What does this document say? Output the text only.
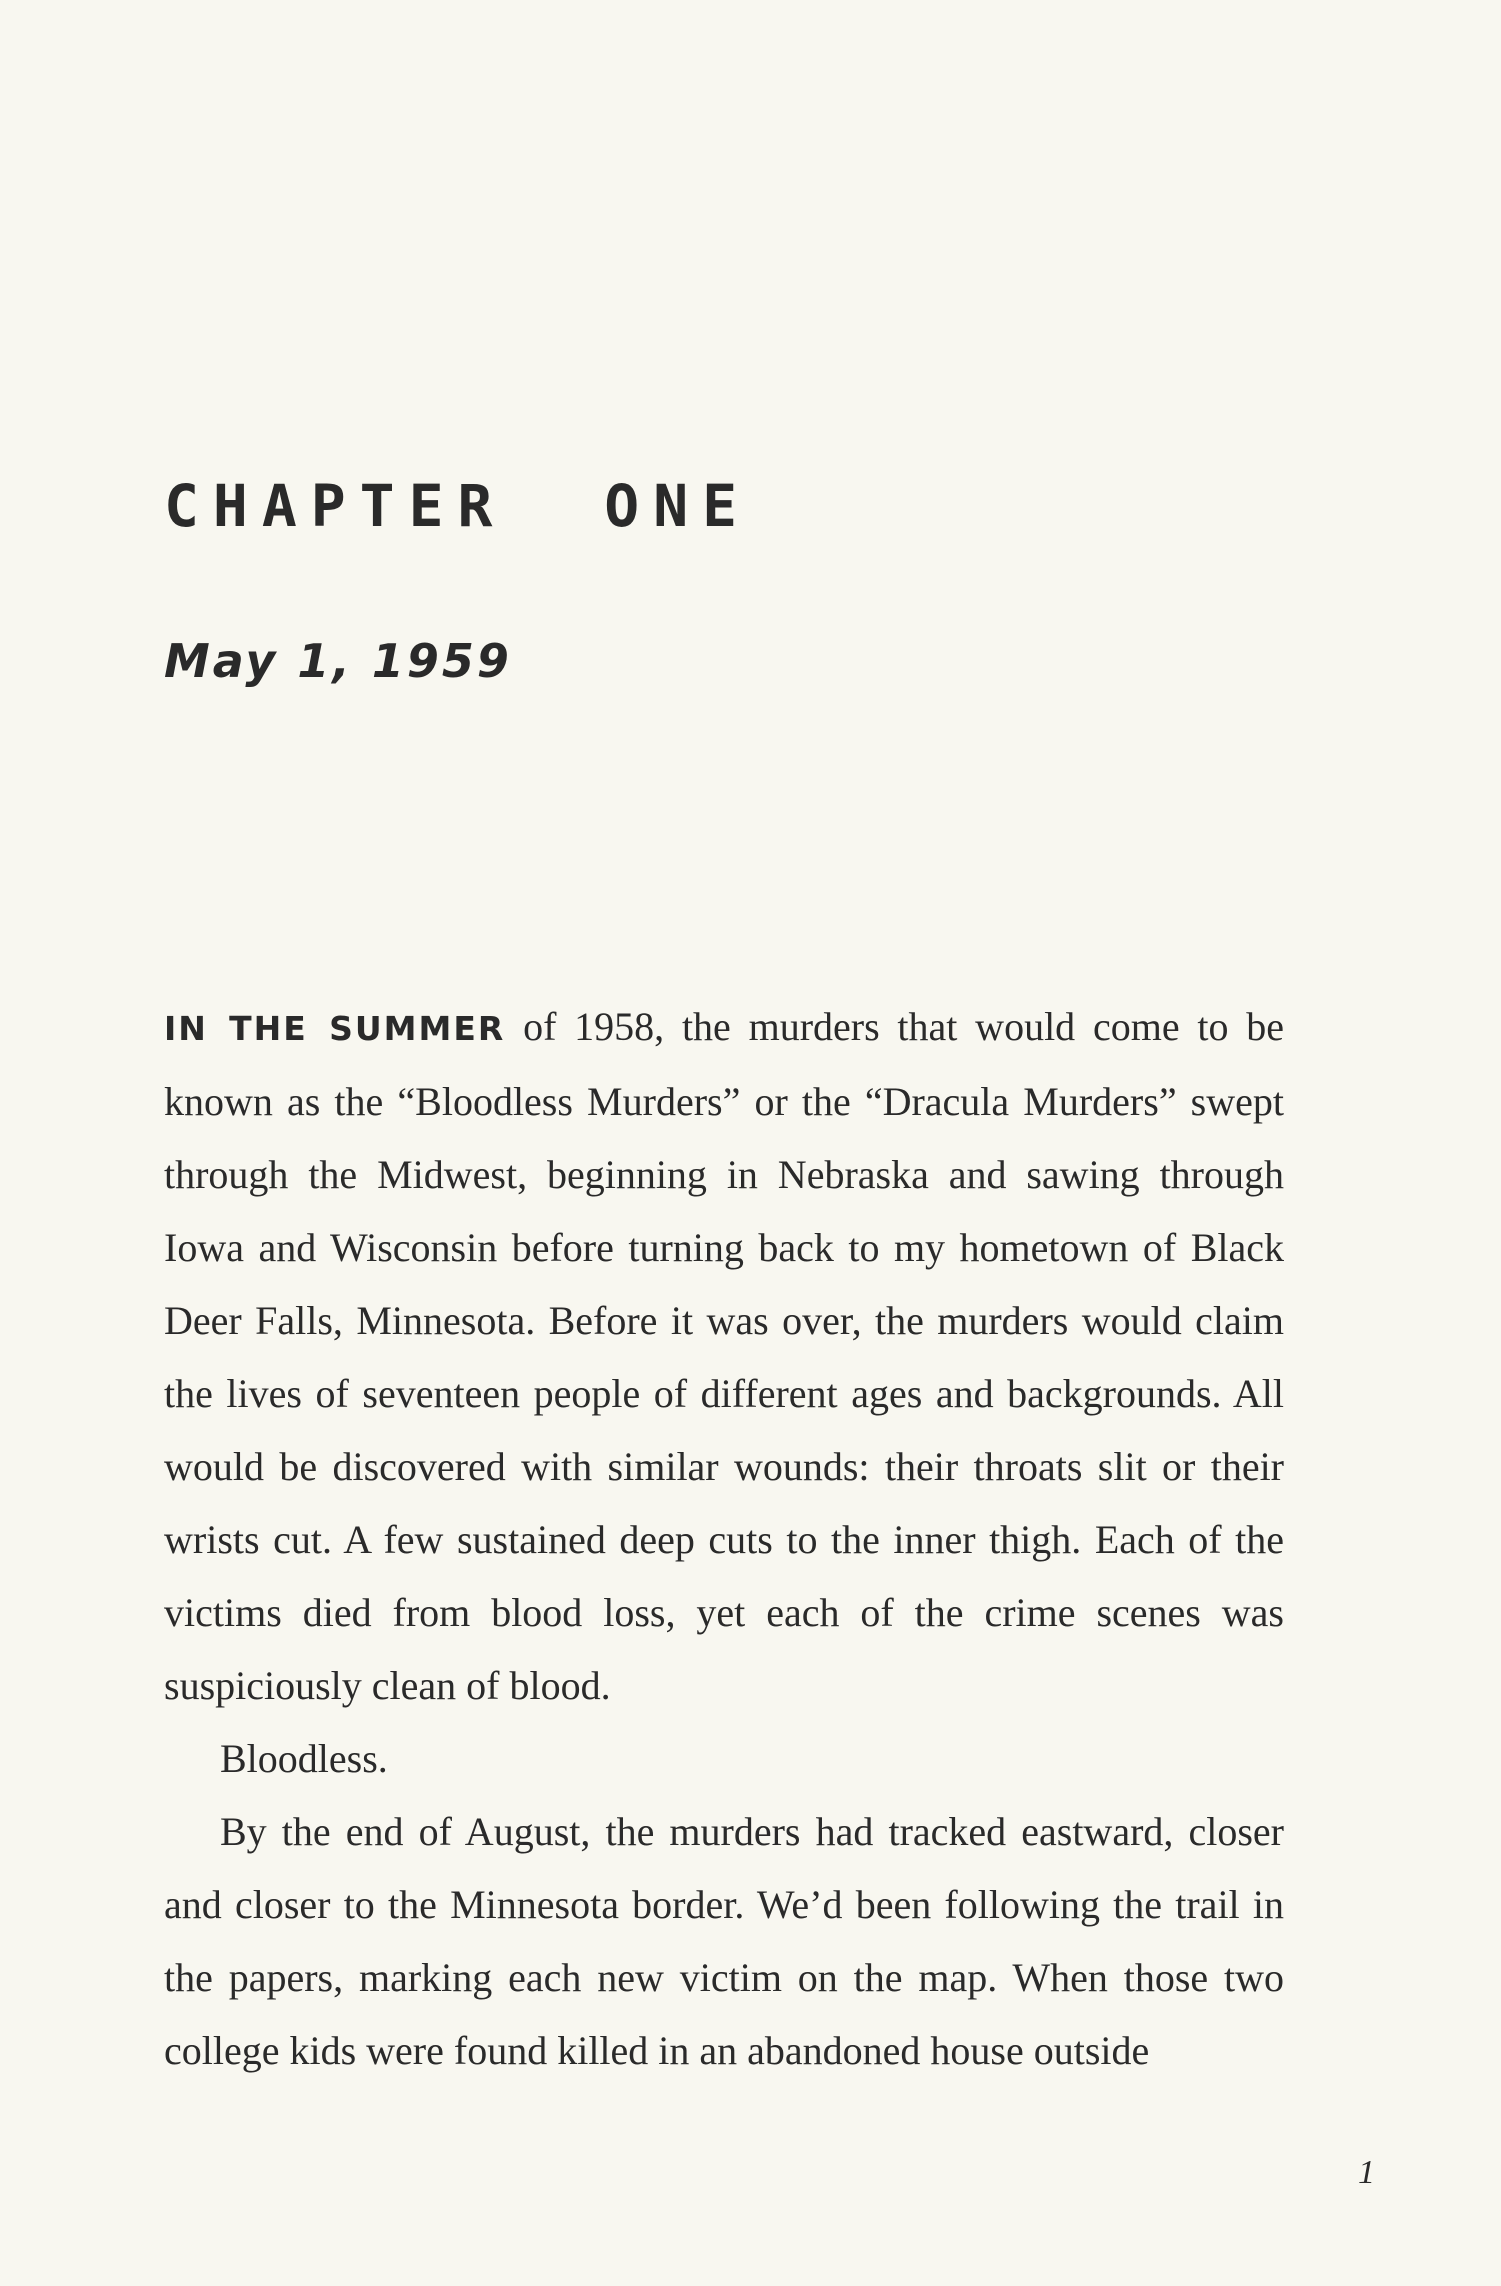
CHAPTER  ONE
May 1, 1959

IN THE SUMMER of 1958, the murders that would come to be known as the “Bloodless Murders” or the “Dracula Murders” swept through the Midwest, beginning in Nebraska and sawing through Iowa and Wisconsin before turning back to my hometown of Black Deer Falls, Minnesota. Before it was over, the murders would claim the lives of seventeen people of different ages and backgrounds. All would be discovered with similar wounds: their throats slit or their wrists cut. A few sustained deep cuts to the inner thigh. Each of the victims died from blood loss, yet each of the crime scenes was suspiciously clean of blood.

Bloodless.

By the end of August, the murders had tracked eastward, closer and closer to the Minnesota border. We’d been following the trail in the papers, marking each new victim on the map. When those two college kids were found killed in an abandoned house outside

1
